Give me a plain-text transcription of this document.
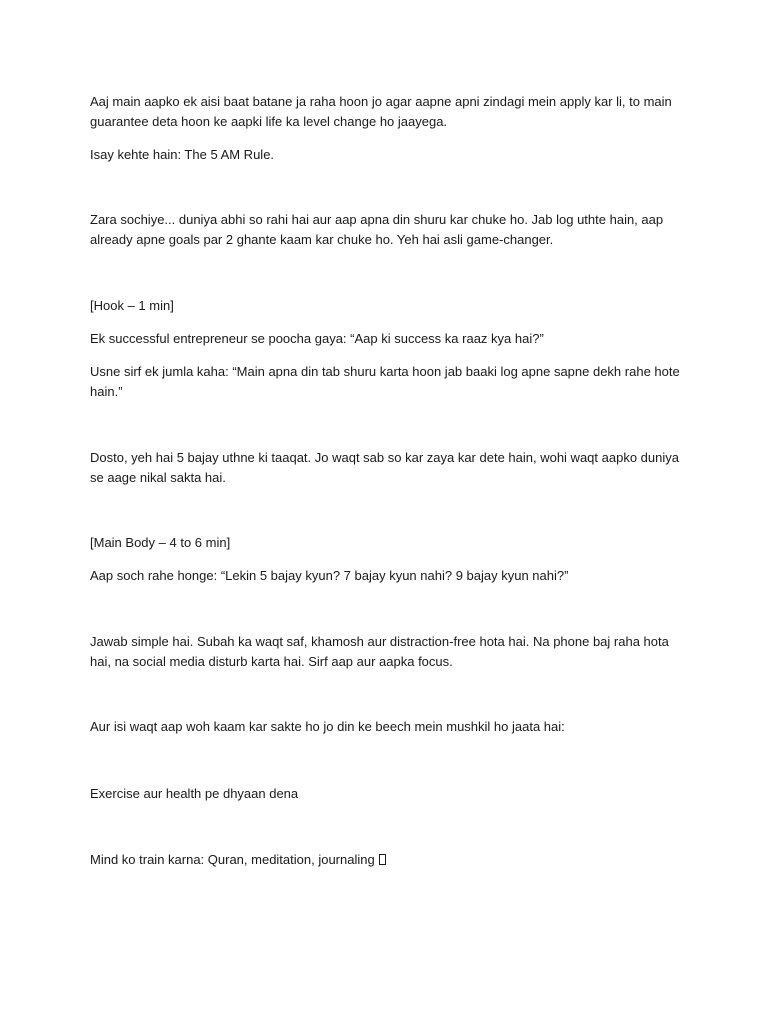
Aaj main aapko ek aisi baat batane ja raha hoon jo agar aapne apni zindagi mein apply kar li, to main guarantee deta hoon ke aapki life ka level change ho jaayega.

Isay kehte hain: The 5 AM Rule.

Zara sochiye... duniya abhi so rahi hai aur aap apna din shuru kar chuke ho. Jab log uthte hain, aap already apne goals par 2 ghante kaam kar chuke ho. Yeh hai asli game-changer.

[Hook – 1 min]

Ek successful entrepreneur se poocha gaya: “Aap ki success ka raaz kya hai?”

Usne sirf ek jumla kaha: “Main apna din tab shuru karta hoon jab baaki log apne sapne dekh rahe hote hain.”

Dosto, yeh hai 5 bajay uthne ki taaqat. Jo waqt sab so kar zaya kar dete hain, wohi waqt aapko duniya se aage nikal sakta hai.

[Main Body – 4 to 6 min]

Aap soch rahe honge: “Lekin 5 bajay kyun? 7 bajay kyun nahi? 9 bajay kyun nahi?”

Jawab simple hai. Subah ka waqt saf, khamosh aur distraction-free hota hai. Na phone baj raha hota hai, na social media disturb karta hai. Sirf aap aur aapka focus.

Aur isi waqt aap woh kaam kar sakte ho jo din ke beech mein mushkil ho jaata hai:

Exercise aur health pe dhyaan dena

Mind ko train karna: Quran, meditation, journaling
